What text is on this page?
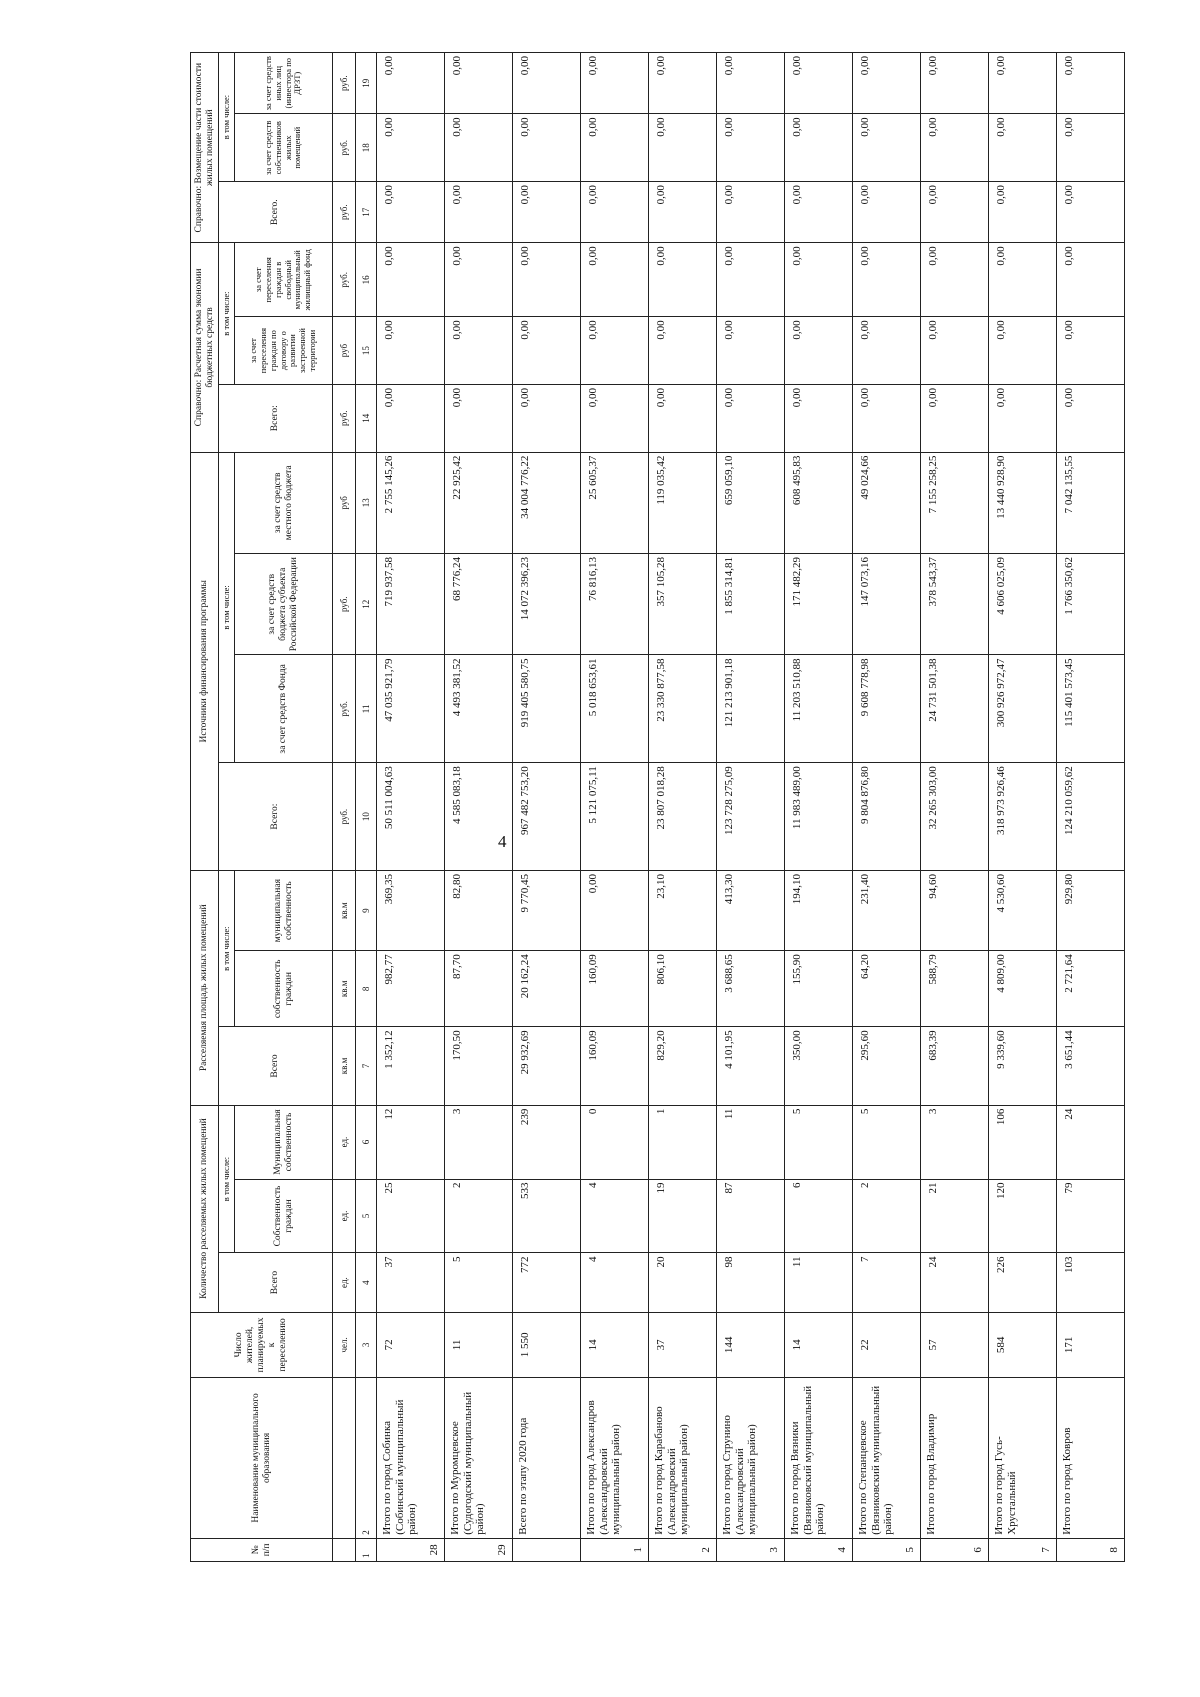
4
№ п/п	Наименование муниципального образования	Число жителей, планируемых к переселению	Количество расселяемых жилых помещений			Расселяемая площадь жилых помещений			Источники финансирования программы				Справочно: Расчетная сумма экономии бюджетных средств			Справочно: Возмещение части стоимости жилых помещений		
			Всего	в том числе:		Всего	в том числе:		Всего:	в том числе:			Всего:	в том числе:		Всего.	в том числе:	
				Собственность граждан	Муниципальная собственность		собственность граждан	муниципальная собственность		за счет средств Фонда	за счет средств бюджета субъекта Российской Федерации	за счет средств местного бюджета		за счет переселения граждан по договору о развитии застроенной территории	за счет переселения граждан в свободный муниципальный жилищный фонд		за счет средств собственников жилых помещений	за счет средств иных лиц (инвестора по ДРЗТ)
		чел.	ед.	ед.	ед.	кв.м	кв.м	кв.м	руб.	руб.	руб.	руб	руб.	руб	руб.	руб.	руб.	руб.
1	2	3	4	5	6	7	8	9	10	11	12	13	14	15	16	17	18	19
28	Итого по город Собинка (Собинский муниципальный район)	72	37	25	12	1 352,12	982,77	369,35	50 511 004,63	47 035 921,79	719 937,58	2 755 145,26	0,00	0,00	0,00	0,00	0,00	0,00
29	Итого по Муромцевское (Судогодский муниципальный район)	11	5	2	3	170,50	87,70	82,80	4 585 083,18	4 493 381,52	68 776,24	22 925,42	0,00	0,00	0,00	0,00	0,00	0,00
	Всего по этапу 2020 года	1 550	772	533	239	29 932,69	20 162,24	9 770,45	967 482 753,20	919 405 580,75	14 072 396,23	34 004 776,22	0,00	0,00	0,00	0,00	0,00	0,00
1	Итого по город Александров (Александровский муниципальный район)	14	4	4	0	160,09	160,09	0,00	5 121 075,11	5 018 653,61	76 816,13	25 605,37	0,00	0,00	0,00	0,00	0,00	0,00
2	Итого по город Карабаново (Александровский муниципальный район)	37	20	19	1	829,20	806,10	23,10	23 807 018,28	23 330 877,58	357 105,28	119 035,42	0,00	0,00	0,00	0,00	0,00	0,00
3	Итого по город Струнино (Александровский муниципальный район)	144	98	87	11	4 101,95	3 688,65	413,30	123 728 275,09	121 213 901,18	1 855 314,81	659 059,10	0,00	0,00	0,00	0,00	0,00	0,00
4	Итого по город Вязники (Вязниковский муниципальный район)	14	11	6	5	350,00	155,90	194,10	11 983 489,00	11 203 510,88	171 482,29	608 495,83	0,00	0,00	0,00	0,00	0,00	0,00
5	Итого по Степанцевское (Вязниковский муниципальный район)	22	7	2	5	295,60	64,20	231,40	9 804 876,80	9 608 778,98	147 073,16	49 024,66	0,00	0,00	0,00	0,00	0,00	0,00
6	Итого по город Владимир	57	24	21	3	683,39	588,79	94,60	32 265 303,00	24 731 501,38	378 543,37	7 155 258,25	0,00	0,00	0,00	0,00	0,00	0,00
7	Итого по город Гусь-Хрустальный	584	226	120	106	9 339,60	4 809,00	4 530,60	318 973 926,46	300 926 972,47	4 606 025,09	13 440 928,90	0,00	0,00	0,00	0,00	0,00	0,00
8	Итого по город Ковров	171	103	79	24	3 651,44	2 721,64	929,80	124 210 059,62	115 401 573,45	1 766 350,62	7 042 135,55	0,00	0,00	0,00	0,00	0,00	0,00
